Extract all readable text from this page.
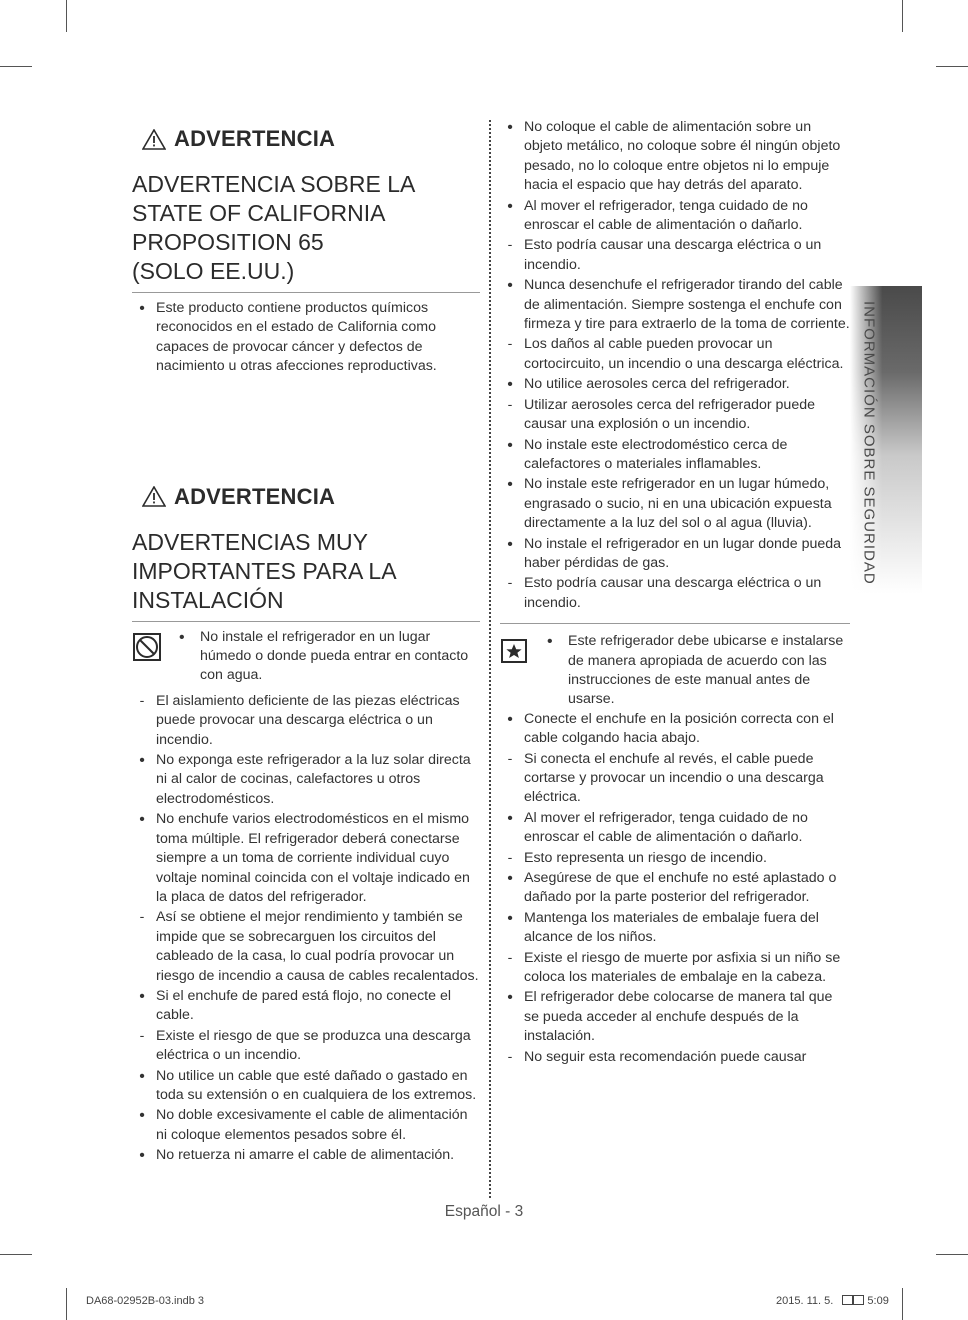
ADVERTENCIA
ADVERTENCIA SOBRE LA
STATE OF CALIFORNIA
PROPOSITION 65
(SOLO EE.UU.)
• Este producto contiene productos químicos reconocidos en el estado de California como capaces de provocar cáncer y defectos de nacimiento u otras afecciones reproductivas.
ADVERTENCIA
ADVERTENCIAS MUY
IMPORTANTES PARA LA
INSTALACIÓN
• No instale el refrigerador en un lugar húmedo o donde pueda entrar en contacto con agua.
- El aislamiento deficiente de las piezas eléctricas puede provocar una descarga eléctrica o un incendio.
• No exponga este refrigerador a la luz solar directa ni al calor de cocinas, calefactores u otros electrodomésticos.
• No enchufe varios electrodomésticos en el mismo toma múltiple. El refrigerador deberá conectarse siempre a un toma de corriente individual cuyo voltaje nominal coincida con el voltaje indicado en la placa de datos del refrigerador.
- Así se obtiene el mejor rendimiento y también se impide que se sobrecarguen los circuitos del cableado de la casa, lo cual podría provocar un riesgo de incendio a causa de cables recalentados.
• Si el enchufe de pared está flojo, no conecte el cable.
- Existe el riesgo de que se produzca una descarga eléctrica o un incendio.
• No utilice un cable que esté dañado o gastado en toda su extensión o en cualquiera de los extremos.
• No doble excesivamente el cable de alimentación ni coloque elementos pesados sobre él.
• No retuerza ni amarre el cable de alimentación.
• No coloque el cable de alimentación sobre un objeto metálico, no coloque sobre él ningún objeto pesado, no lo coloque entre objetos ni lo empuje hacia el espacio que hay detrás del aparato.
• Al mover el refrigerador, tenga cuidado de no enroscar el cable de alimentación o dañarlo.
- Esto podría causar una descarga eléctrica o un incendio.
• Nunca desenchufe el refrigerador tirando del cable de alimentación. Siempre sostenga el enchufe con firmeza y tire para extraerlo de la toma de corriente.
- Los daños al cable pueden provocar un cortocircuito, un incendio o una descarga eléctrica.
• No utilice aerosoles cerca del refrigerador.
- Utilizar aerosoles cerca del refrigerador puede causar una explosión o un incendio.
• No instale este electrodoméstico cerca de calefactores o materiales inflamables.
• No instale este refrigerador en un lugar húmedo, engrasado o sucio, ni en una ubicación expuesta directamente a la luz del sol o al agua (lluvia).
• No instale el refrigerador en un lugar donde pueda haber pérdidas de gas.
- Esto podría causar una descarga eléctrica o un incendio.
• Este refrigerador debe ubicarse e instalarse de manera apropiada de acuerdo con las instrucciones de este manual antes de usarse.
• Conecte el enchufe en la posición correcta con el cable colgando hacia abajo.
- Si conecta el enchufe al revés, el cable puede cortarse y provocar un incendio o una descarga eléctrica.
• Al mover el refrigerador, tenga cuidado de no enroscar el cable de alimentación o dañarlo.
- Esto representa un riesgo de incendio.
• Asegúrese de que el enchufe no esté aplastado o dañado por la parte posterior del refrigerador.
• Mantenga los materiales de embalaje fuera del alcance de los niños.
- Existe el riesgo de muerte por asfixia si un niño se coloca los materiales de embalaje en la cabeza.
• El refrigerador debe colocarse de manera tal que se pueda acceder al enchufe después de la instalación.
- No seguir esta recomendación puede causar
INFORMACIÓN SOBRE SEGURIDAD
Español - 3
DA68-02952B-03.indb 3	2015. 11. 5.	5:09
